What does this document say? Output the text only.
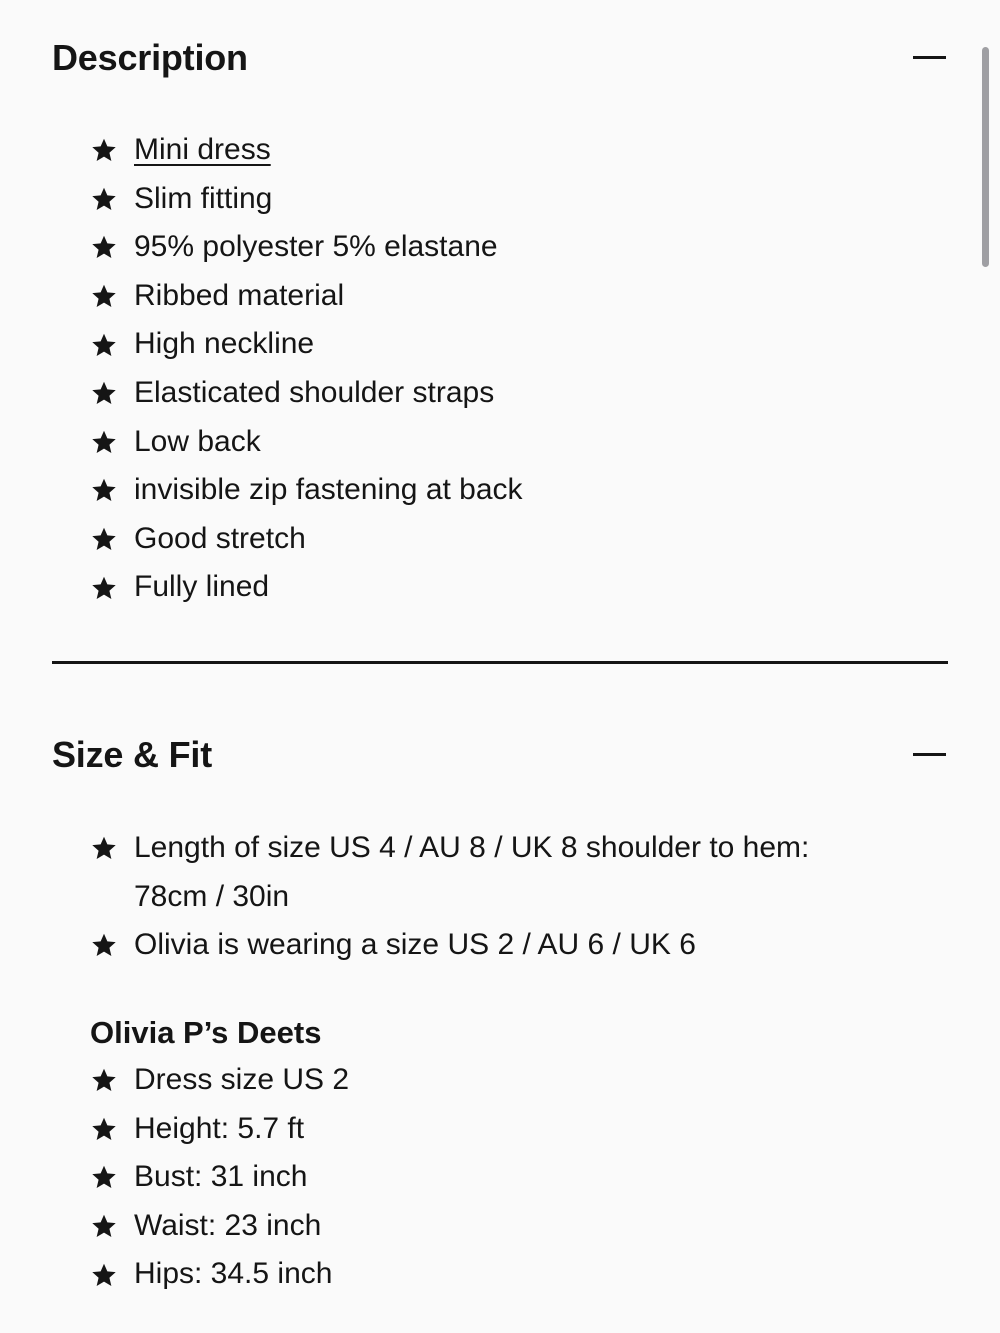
Description
Mini dress
Slim fitting
95% polyester 5% elastane
Ribbed material
High neckline
Elasticated shoulder straps
Low back
invisible zip fastening at back
Good stretch
Fully lined
Size & Fit
Length of size US 4 / AU 8 / UK 8 shoulder to hem: 78cm / 30in
Olivia is wearing a size US 2 / AU 6 / UK 6
Olivia P’s Deets
Dress size US 2
Height: 5.7 ft
Bust: 31 inch
Waist: 23 inch
Hips: 34.5 inch
